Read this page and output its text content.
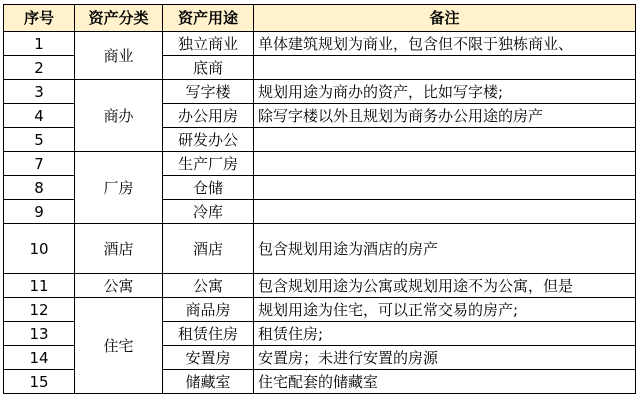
序号	资产分类	资产用途	备注
1	商业	独立商业	单体建筑规划为商业，包含但不限于独栋商业、
2		底商	
3	商办	写字楼	规划用途为商办的资产，比如写字楼;
4		办公用房	除写字楼以外且规划为商务办公用途的房产
5		研发办公	
7	厂房	生产厂房	
8		仓储	
9		冷库	
10	酒店	酒店	包含规划用途为酒店的房产
11	公寓	公寓	包含规划用途为公寓或规划用途不为公寓，但是
12	住宅	商品房	规划用途为住宅，可以正常交易的房产;
13		租赁住房	租赁住房;
14		安置房	安置房；未进行安置的房源
15		储藏室	住宅配套的储藏室
